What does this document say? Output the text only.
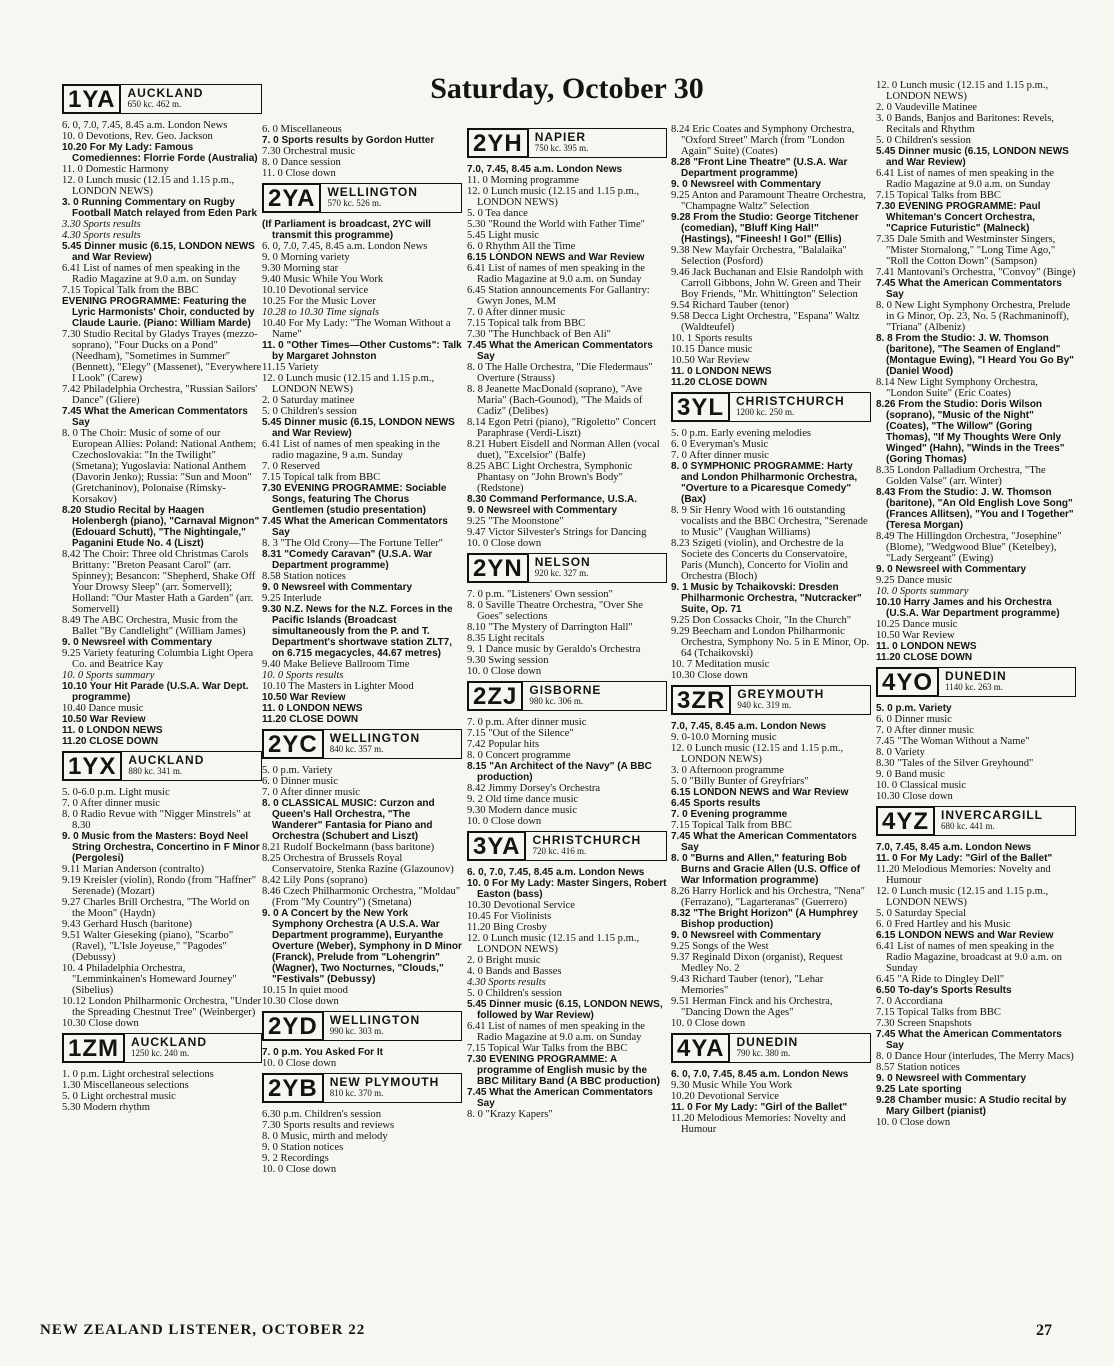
Saturday, October 30
1YA	AUCKLAND
650 kc. 462 m.
6. 0, 7.0, 7.45, 8.45 a.m. London News
10. 0 Devotions, Rev. Geo. Jackson
10.20 For My Lady: Famous Comediennes: Florrie Forde (Australia)
11. 0 Domestic Harmony
12. 0 Lunch music (12.15 and 1.15 p.m., LONDON NEWS)
3. 0 Running Commentary on Rugby Football Match relayed from Eden Park
3.30 Sports results
4.30 Sports results
5.45 Dinner music (6.15, LONDON NEWS and War Review)
6.41 List of names of men speaking in the Radio Magazine at 9.0 a.m. on Sunday
7.15 Topical Talk from the BBC
EVENING PROGRAMME: Featuring the Lyric Harmonists' Choir, conducted by Claude Laurie. (Piano: William Marde)
7.30 Studio Recital by Gladys Trayes (mezzo-soprano), "Four Ducks on a Pond" (Needham), "Sometimes in Summer" (Bennett), "Elegy" (Massenet), "Everywhere I Look" (Carew)
7.42 Philadelphia Orchestra, "Russian Sailors' Dance" (Gliere)
7.45 What the American Commentators Say
8. 0 The Choir: Music of some of our European Allies: Poland: National Anthem; Czechoslovakia: "In the Twilight" (Smetana); Yugoslavia: National Anthem (Davorin Jenko); Russia: "Sun and Moon" (Gretchaninov), Polonaise (Rimsky-Korsakov)
8.20 Studio Recital by Haagen Holenbergh (piano), "Carnaval Mignon" (Edouard Schutt), "The Nightingale," Paganini Etude No. 4 (Liszt)
8.42 The Choir: Three old Christmas Carols Brittany: "Breton Peasant Carol" (arr. Spinney); Besancon: "Shepherd, Shake Off Your Drowsy Sleep" (arr. Somervell); Holland: "Our Master Hath a Garden" (arr. Somervell)
8.49 The ABC Orchestra, Music from the Ballet "By Candlelight" (William James)
9. 0 Newsreel with Commentary
9.25 Variety featuring Columbia Light Opera Co. and Beatrice Kay
10. 0 Sports summary
10.10 Your Hit Parade (U.S.A. War Dept. programme)
10.40 Dance music
10.50 War Review
11. 0 LONDON NEWS
11.20 CLOSE DOWN
1YX	AUCKLAND
880 kc. 341 m.
5. 0-6.0 p.m. Light music
7. 0 After dinner music
8. 0 Radio Revue with "Nigger Minstrels" at 8.30
9. 0 Music from the Masters: Boyd Neel String Orchestra, Concertino in F Minor (Pergolesi)
9.11 Marian Anderson (contralto)
9.19 Kreisler (violin), Rondo (from "Haffner" Serenade) (Mozart)
9.27 Charles Brill Orchestra, "The World on the Moon" (Haydn)
9.43 Gerhard Husch (baritone)
9.51 Walter Gieseking (piano), "Scarbo" (Ravel), "L'Isle Joyeuse," "Pagodes" (Debussy)
10. 4 Philadelphia Orchestra, "Lemminkainen's Homeward Journey" (Sibelius)
10.12 London Philharmonic Orchestra, "Under the Spreading Chestnut Tree" (Weinberger)
10.30 Close down
1ZM	AUCKLAND
1250 kc. 240 m.
1. 0 p.m. Light orchestral selections
1.30 Miscellaneous selections
5. 0 Light orchestral music
5.30 Modern rhythm
6. 0 Miscellaneous
7. 0 Sports results by Gordon Hutter
7.30 Orchestral music
8. 0 Dance session
11. 0 Close down
2YA	WELLINGTON
570 kc. 526 m.
(If Parliament is broadcast, 2YC will transmit this programme)
6. 0, 7.0, 7.45, 8.45 a.m. London News
9. 0 Morning variety
9.30 Morning star
9.40 Music While You Work
10.10 Devotional service
10.25 For the Music Lover
10.28 to 10.30 Time signals
10.40 For My Lady: "The Woman Without a Name"
11. 0 "Other Times—Other Customs": Talk by Margaret Johnston
11.15 Variety
12. 0 Lunch music (12.15 and 1.15 p.m., LONDON NEWS)
2. 0 Saturday matinee
5. 0 Children's session
5.45 Dinner music (6.15, LONDON NEWS and War Review)
6.41 List of names of men speaking in the radio magazine, 9 a.m. Sunday
7. 0 Reserved
7.15 Topical talk from BBC
7.30 EVENING PROGRAMME: Sociable Songs, featuring The Chorus Gentlemen (studio presentation)
7.45 What the American Commentators Say
8. 3 "The Old Crony—The Fortune Teller"
8.31 "Comedy Caravan" (U.S.A. War Department programme)
8.58 Station notices
9. 0 Newsreel with Commentary
9.25 Interlude
9.30 N.Z. News for the N.Z. Forces in the Pacific Islands (Broadcast simultaneously from the P. and T. Department's shortwave station ZLT7, on 6.715 megacycles, 44.67 metres)
9.40 Make Believe Ballroom Time
10. 0 Sports results
10.10 The Masters in Lighter Mood
10.50 War Review
11. 0 LONDON NEWS
11.20 CLOSE DOWN
2YC	WELLINGTON
840 kc. 357 m.
5. 0 p.m. Variety
6. 0 Dinner music
7. 0 After dinner music
8. 0 CLASSICAL MUSIC: Curzon and Queen's Hall Orchestra, "The Wanderer" Fantasia for Piano and Orchestra (Schubert and Liszt)
8.21 Rudolf Bockelmann (bass baritone)
8.25 Orchestra of Brussels Royal Conservatoire, Stenka Razine (Glazounov)
8.42 Lily Pons (soprano)
8.46 Czech Philharmonic Orchestra, "Moldau" (From "My Country") (Smetana)
9. 0 A Concert by the New York Symphony Orchestra (A U.S.A. War Department programme), Euryanthe Overture (Weber), Symphony in D Minor (Franck), Prelude from "Lohengrin" (Wagner), Two Nocturnes, "Clouds," "Festivals" (Debussy)
10.15 In quiet mood
10.30 Close down
2YD	WELLINGTON
990 kc. 303 m.
7. 0 p.m. You Asked For It
10. 0 Close down
2YB	NEW PLYMOUTH
810 kc. 370 m.
6.30 p.m. Children's session
7.30 Sports results and reviews
8. 0 Music, mirth and melody
9. 0 Station notices
9. 2 Recordings
10. 0 Close down
2YH	NAPIER
750 kc. 395 m.
7.0, 7.45, 8.45 a.m. London News
11. 0 Morning programme
12. 0 Lunch music (12.15 and 1.15 p.m., LONDON NEWS)
5. 0 Tea dance
5.30 "Round the World with Father Time"
5.45 Light music
6. 0 Rhythm All the Time
6.15 LONDON NEWS and War Review
6.41 List of names of men speaking in the Radio Magazine at 9.0 a.m. on Sunday
6.45 Station announcements For Gallantry: Gwyn Jones, M.M
7. 0 After dinner music
7.15 Topical talk from BBC
7.30 "The Hunchback of Ben Ali"
7.45 What the American Commentators Say
8. 0 The Halle Orchestra, "Die Fledermaus" Overture (Strauss)
8. 8 Jeanette MacDonald (soprano), "Ave Maria" (Bach-Gounod), "The Maids of Cadiz" (Delibes)
8.14 Egon Petri (piano), "Rigoletto" Concert Paraphrase (Verdi-Liszt)
8.21 Hubert Eisdell and Norman Allen (vocal duet), "Excelsior" (Balfe)
8.25 ABC Light Orchestra, Symphonic Phantasy on "John Brown's Body" (Redstone)
8.30 Command Performance, U.S.A.
9. 0 Newsreel with Commentary
9.25 "The Moonstone"
9.47 Victor Silvester's Strings for Dancing
10. 0 Close down
2YN	NELSON
920 kc. 327 m.
7. 0 p.m. "Listeners' Own session"
8. 0 Saville Theatre Orchestra, "Over She Goes" selections
8.10 "The Mystery of Darrington Hall"
8.35 Light recitals
9. 1 Dance music by Geraldo's Orchestra
9.30 Swing session
10. 0 Close down
2ZJ	GISBORNE
980 kc. 306 m.
7. 0 p.m. After dinner music
7.15 "Out of the Silence"
7.42 Popular hits
8. 0 Concert programme
8.15 "An Architect of the Navy" (A BBC production)
8.42 Jimmy Dorsey's Orchestra
9. 2 Old time dance music
9.30 Modern dance music
10. 0 Close down
3YA	CHRISTCHURCH
720 kc. 416 m.
6. 0, 7.0, 7.45, 8.45 a.m. London News
10. 0 For My Lady: Master Singers, Robert Easton (bass)
10.30 Devotional Service
10.45 For Violinists
11.20 Bing Crosby
12. 0 Lunch music (12.15 and 1.15 p.m., LONDON NEWS)
2. 0 Bright music
4. 0 Bands and Basses
4.30 Sports results
5. 0 Children's session
5.45 Dinner music (6.15, LONDON NEWS, followed by War Review)
6.41 List of names of men speaking in the Radio Magazine at 9.0 a.m. on Sunday
7.15 Topical War Talks from the BBC
7.30 EVENING PROGRAMME: A programme of English music by the BBC Military Band (A BBC production)
7.45 What the American Commentators Say
8. 0 "Krazy Kapers"
8.24 Eric Coates and Symphony Orchestra, "Oxford Street" March (from "London Again" Suite) (Coates)
8.28 "Front Line Theatre" (U.S.A. War Department programme)
9. 0 Newsreel with Commentary
9.25 Anton and Paramount Theatre Orchestra, "Champagne Waltz" Selection
9.28 From the Studio: George Titchener (comedian), "Bluff King Hal!" (Hastings), "Fineesh! I Go!" (Ellis)
9.38 New Mayfair Orchestra, "Balalaika" Selection (Posford)
9.46 Jack Buchanan and Elsie Randolph with Carroll Gibbons, John W. Green and Their Boy Friends, "Mr. Whittington" Selection
9.54 Richard Tauber (tenor)
9.58 Decca Light Orchestra, "Espana" Waltz (Waldteufel)
10. 1 Sports results
10.15 Dance music
10.50 War Review
11. 0 LONDON NEWS
11.20 CLOSE DOWN
3YL	CHRISTCHURCH
1200 kc. 250 m.
5. 0 p.m. Early evening melodies
6. 0 Everyman's Music
7. 0 After dinner music
8. 0 SYMPHONIC PROGRAMME: Harty and London Philharmonic Orchestra, "Overture to a Picaresque Comedy" (Bax)
8. 9 Sir Henry Wood with 16 outstanding vocalists and the BBC Orchestra, "Serenade to Music" (Vaughan Williams)
8.23 Szigeti (violin), and Orchestre de la Societe des Concerts du Conservatoire, Paris (Munch), Concerto for Violin and Orchestra (Bloch)
9. 1 Music by Tchaikovski: Dresden Philharmonic Orchestra, "Nutcracker" Suite, Op. 71
9.25 Don Cossacks Choir, "In the Church"
9.29 Beecham and London Philharmonic Orchestra, Symphony No. 5 in E Minor, Op. 64 (Tchaikovski)
10. 7 Meditation music
10.30 Close down
3ZR	GREYMOUTH
940 kc. 319 m.
7.0, 7.45, 8.45 a.m. London News
9. 0-10.0 Morning music
12. 0 Lunch music (12.15 and 1.15 p.m., LONDON NEWS)
3. 0 Afternoon programme
5. 0 "Billy Bunter of Greyfriars"
6.15 LONDON NEWS and War Review
6.45 Sports results
7. 0 Evening programme
7.15 Topical Talk from BBC
7.45 What the American Commentators Say
8. 0 "Burns and Allen," featuring Bob Burns and Gracie Allen (U.S. Office of War Information programme)
8.26 Harry Horlick and his Orchestra, "Nena" (Ferrazano), "Lagarteranas" (Guerrero)
8.32 "The Bright Horizon" (A Humphrey Bishop production)
9. 0 Newsreel with Commentary
9.25 Songs of the West
9.37 Reginald Dixon (organist), Request Medley No. 2
9.43 Richard Tauber (tenor), "Lehar Memories"
9.51 Herman Finck and his Orchestra, "Dancing Down the Ages"
10. 0 Close down
4YA	DUNEDIN
790 kc. 380 m.
6. 0, 7.0, 7.45, 8.45 a.m. London News
9.30 Music While You Work
10.20 Devotional Service
11. 0 For My Lady: "Girl of the Ballet"
11.20 Melodious Memories: Novelty and Humour
12. 0 Lunch music (12.15 and 1.15 p.m., LONDON NEWS)
2. 0 Vaudeville Matinee
3. 0 Bands, Banjos and Baritones: Revels, Recitals and Rhythm
5. 0 Children's session
5.45 Dinner music (6.15, LONDON NEWS and War Review)
6.41 List of names of men speaking in the Radio Magazine at 9.0 a.m. on Sunday
7.15 Topical Talks from BBC
7.30 EVENING PROGRAMME: Paul Whiteman's Concert Orchestra, "Caprice Futuristic" (Malneck)
7.35 Dale Smith and Westminster Singers, "Mister Stornalong," "Long Time Ago," "Roll the Cotton Down" (Sampson)
7.41 Mantovani's Orchestra, "Convoy" (Binge)
7.45 What the American Commentators Say
8. 0 New Light Symphony Orchestra, Prelude in G Minor, Op. 23, No. 5 (Rachmaninoff), "Triana" (Albeniz)
8. 8 From the Studio: J. W. Thomson (baritone), "The Seamen of England" (Montague Ewing), "I Heard You Go By" (Daniel Wood)
8.14 New Light Symphony Orchestra, "London Suite" (Eric Coates)
8.26 From the Studio: Doris Wilson (soprano), "Music of the Night" (Coates), "The Willow" (Goring Thomas), "If My Thoughts Were Only Winged" (Hahn), "Winds in the Trees" (Goring Thomas)
8.35 London Palladium Orchestra, "The Golden Valse" (arr. Winter)
8.43 From the Studio: J. W. Thomson (baritone), "An Old English Love Song" (Frances Allitsen), "You and I Together" (Teresa Morgan)
8.49 The Hillingdon Orchestra, "Josephine" (Blome), "Wedgwood Blue" (Ketelbey), "Lady Sergeant" (Ewing)
9. 0 Newsreel with Commentary
9.25 Dance music
10. 0 Sports summary
10.10 Harry James and his Orchestra (U.S.A. War Department programme)
10.25 Dance music
10.50 War Review
11. 0 LONDON NEWS
11.20 CLOSE DOWN
4YO	DUNEDIN
1140 kc. 263 m.
5. 0 p.m. Variety
6. 0 Dinner music
7. 0 After dinner music
7.45 "The Woman Without a Name"
8. 0 Variety
8.30 "Tales of the Silver Greyhound"
9. 0 Band music
10. 0 Classical music
10.30 Close down
4YZ	INVERCARGILL
680 kc. 441 m.
7.0, 7.45, 8.45 a.m. London News
11. 0 For My Lady: "Girl of the Ballet"
11.20 Melodious Memories: Novelty and Humour
12. 0 Lunch music (12.15 and 1.15 p.m., LONDON NEWS)
5. 0 Saturday Special
6. 0 Fred Hartley and his Music
6.15 LONDON NEWS and War Review
6.41 List of names of men speaking in the Radio Magazine, broadcast at 9.0 a.m. on Sunday
6.45 "A Ride to Dingley Dell"
6.50 To-day's Sports Results
7. 0 Accordiana
7.15 Topical Talks from BBC
7.30 Screen Snapshots
7.45 What the American Commentators Say
8. 0 Dance Hour (interludes, The Merry Macs)
8.57 Station notices
9. 0 Newsreel with Commentary
9.25 Late sporting
9.28 Chamber music: A Studio recital by Mary Gilbert (pianist)
10. 0 Close down
NEW ZEALAND LISTENER, OCTOBER 22	27
